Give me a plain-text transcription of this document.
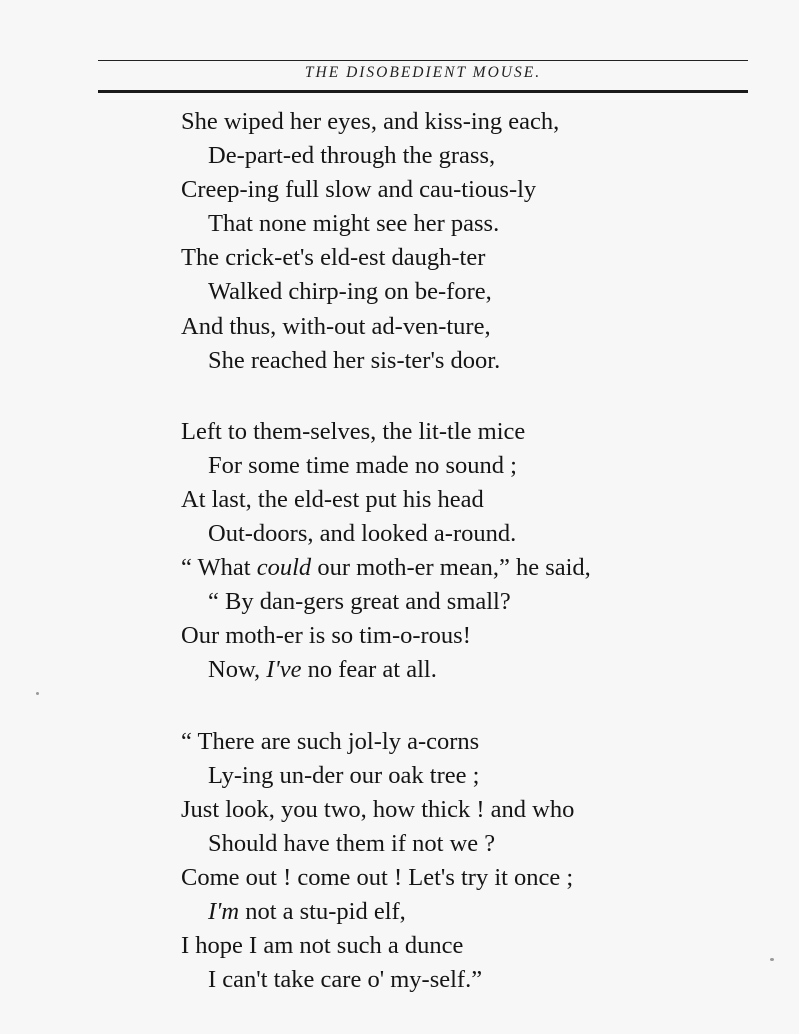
THE DISOBEDIENT MOUSE.
She wiped her eyes, and kiss-ing each,
De-part-ed through the grass,
Creep-ing full slow and cau-tious-ly
That none might see her pass.
The crick-et's eld-est daugh-ter
Walked chirp-ing on be-fore,
And thus, with-out ad-ven-ture,
She reached her sis-ter's door.
Left to them-selves, the lit-tle mice
For some time made no sound ;
At last, the eld-est put his head
Out-doors, and looked a-round.
“ What could our moth-er mean,” he said,
“ By dan-gers great and small?
Our moth-er is so tim-o-rous!
Now, I've no fear at all.
“ There are such jol-ly a-corns
Ly-ing un-der our oak tree ;
Just look, you two, how thick ! and who
Should have them if not we ?
Come out ! come out ! Let's try it once ;
I'm not a stu-pid elf,
I hope I am not such a dunce
I can't take care o' my-self.”
